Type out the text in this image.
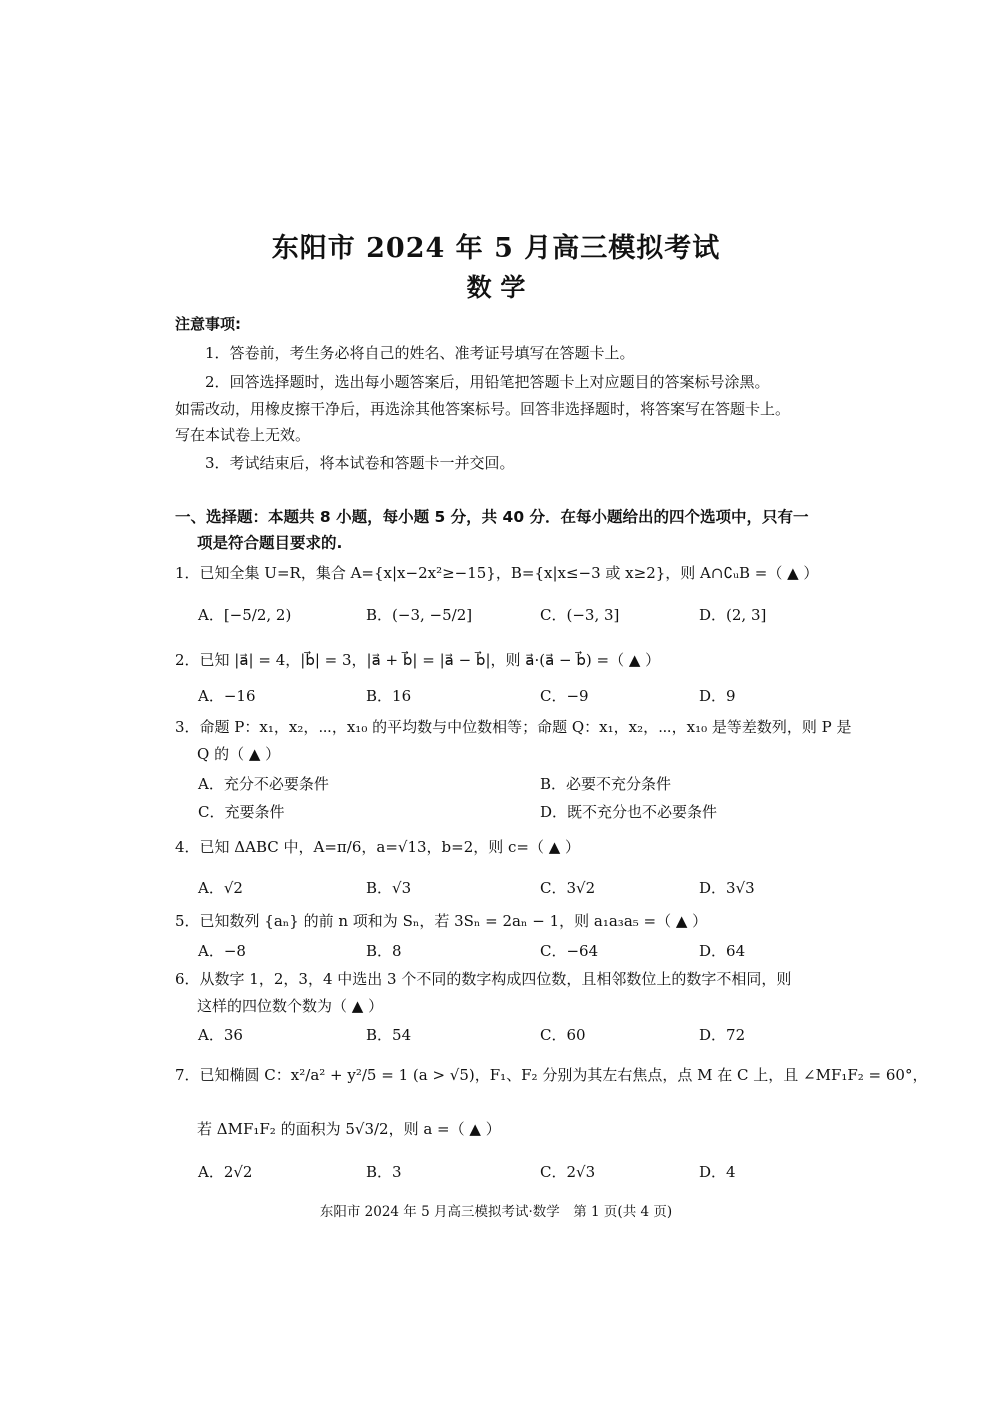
东阳市 2024 年 5 月高三模拟考试
数 学
注意事项:
1．答卷前，考生务必将自己的姓名、准考证号填写在答题卡上。
2．回答选择题时，选出每小题答案后，用铅笔把答题卡上对应题目的答案标号涂黑。
如需改动，用橡皮擦干净后，再选涂其他答案标号。回答非选择题时，将答案写在答题卡上。
写在本试卷上无效。
3．考试结束后，将本试卷和答题卡一并交回。
一、选择题：本题共 8 小题，每小题 5 分，共 40 分．在每小题给出的四个选项中，只有一
项是符合题目要求的.
1．已知全集 U=R，集合 A={x|x−2x²≥−15}，B={x|x≤−3 或 x≥2}，则 A∩∁ᵤB =（ ▲ ）
A．[−5/2, 2)	B．(−3, −5/2]	C．(−3, 3]	D．(2, 3]
2．已知 |a⃗| = 4，|b⃗| = 3，|a⃗ + b⃗| = |a⃗ − b⃗|，则 a⃗·(a⃗ − b⃗) =（ ▲ ）
A．−16	B．16	C．−9	D．9
3．命题 P：x₁，x₂，⋯，x₁₀ 的平均数与中位数相等；命题 Q：x₁，x₂，⋯，x₁₀ 是等差数列，则 P 是
Q 的（ ▲ ）
A．充分不必要条件	B．必要不充分条件
C．充要条件	D．既不充分也不必要条件
4．已知 ΔABC 中，A=π/6，a=√13，b=2，则 c=（ ▲ ）
A．√2	B．√3	C．3√2	D．3√3
5．已知数列 {aₙ} 的前 n 项和为 Sₙ，若 3Sₙ = 2aₙ − 1，则 a₁a₃a₅ =（ ▲ ）
A．−8	B．8	C．−64	D．64
6．从数字 1，2，3，4 中选出 3 个不同的数字构成四位数，且相邻数位上的数字不相同，则
这样的四位数个数为（ ▲ ）
A．36	B．54	C．60	D．72
7．已知椭圆 C：x²/a² + y²/5 = 1 (a > √5)，F₁、F₂ 分别为其左右焦点，点 M 在 C 上，且 ∠MF₁F₂ = 60°，
若 ΔMF₁F₂ 的面积为 5√3/2，则 a =（ ▲ ）
A．2√2	B．3	C．2√3	D．4
东阳市 2024 年 5 月高三模拟考试·数学　第 1 页(共 4 页)
